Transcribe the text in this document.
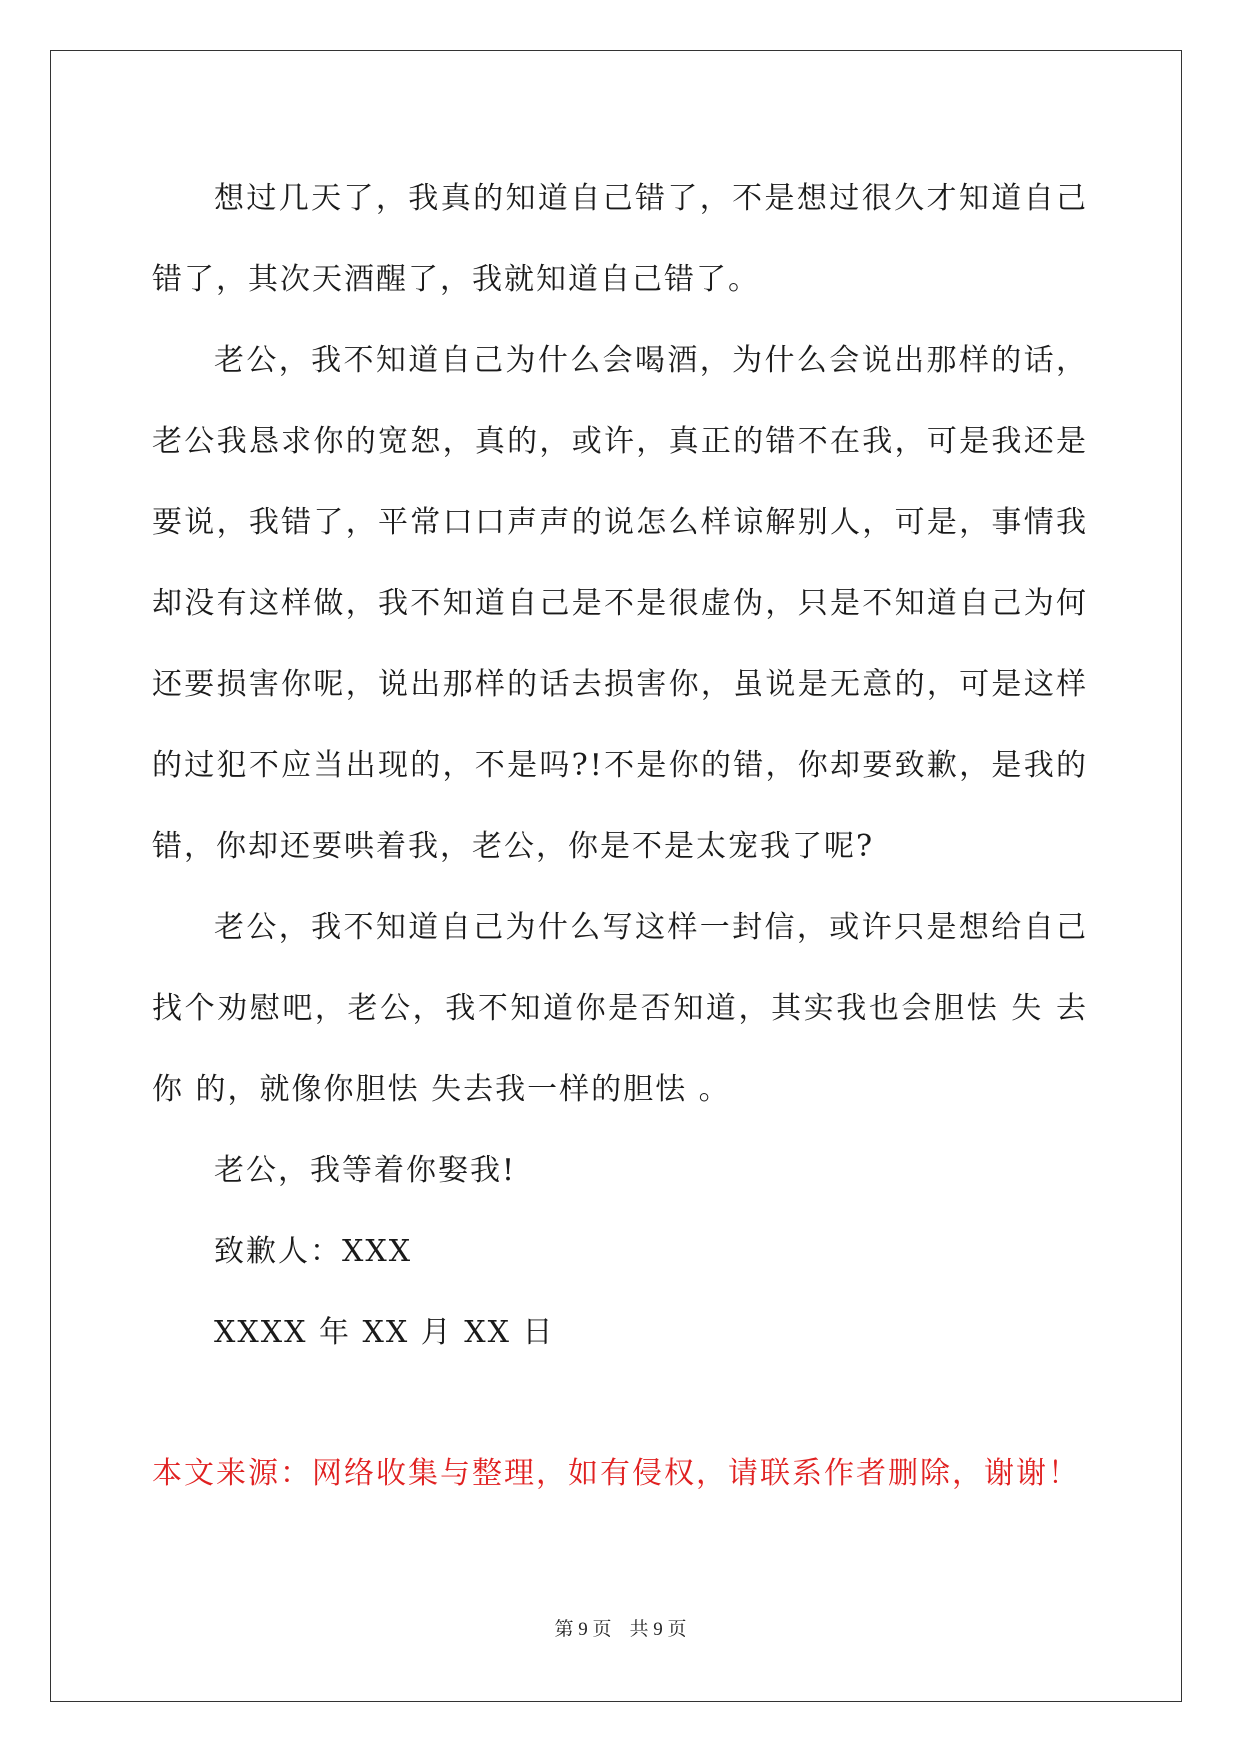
想过几天了，我真的知道自己错了，不是想过很久才知道自己错了，其次天酒醒了，我就知道自己错了。

老公，我不知道自己为什么会喝酒，为什么会说出那样的话，老公我恳求你的宽恕，真的，或许，真正的错不在我，可是我还是要说，我错了，平常口口声声的说怎么样谅解别人，可是，事情我却没有这样做，我不知道自己是不是很虚伪，只是不知道自己为何还要损害你呢，说出那样的话去损害你，虽说是无意的，可是这样的过犯不应当出现的，不是吗?!不是你的错，你却要致歉，是我的错，你却还要哄着我，老公，你是不是太宠我了呢?

老公，我不知道自己为什么写这样一封信，或许只是想给自己找个劝慰吧，老公，我不知道你是否知道，其实我也会胆怯 失 去 你 的，就像你胆怯 失去我一样的胆怯 。

老公，我等着你娶我!

致歉人：XXX

XXXX 年 XX 月 XX 日

本文来源：网络收集与整理，如有侵权，请联系作者删除，谢谢！
第 9 页 共 9 页
